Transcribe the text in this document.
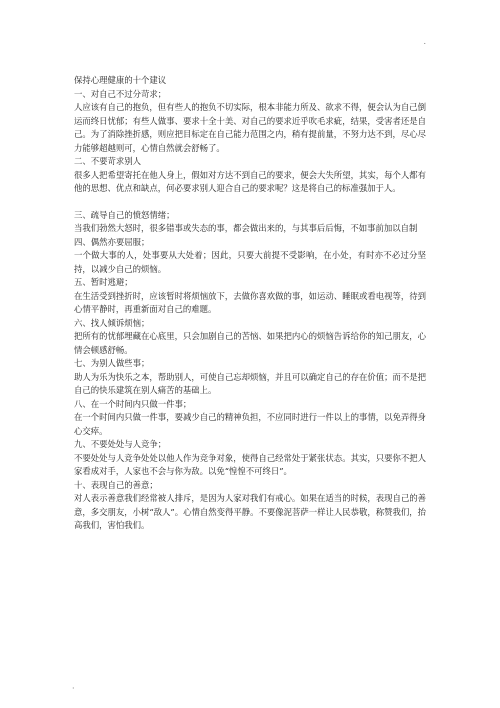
.

保持心理健康的十个建议

一、对自己不过分苛求；

人应该有自己的抱负，但有些人的抱负不切实际，根本非能力所及、欲求不得，便会认为自己倒运而终日忧郁；有些人做事、要求十全十美、对自己的要求近乎吹毛求疵，结果，受害者还是自己。为了消除挫折感，则应把目标定在自己能力范围之内，稍有提前量，不努力达不到，尽心尽力能够超越则可，心情自然就会舒畅了。

二、不要苛求别人

很多人把希望寄托在他人身上，假如对方达不到自己的要求，便会大失所望，其实，每个人都有他的思想、优点和缺点，何必要求别人迎合自己的要求呢？这是将自己的标准强加于人。

三、疏导自己的愤怒情绪；

当我们勃然大怒时，很多错事或失态的事，都会做出来的，与其事后后悔，不如事前加以自制

四、偶然亦要屈服；

一个做大事的人，处事要从大处着；因此，只要大前提不受影响，在小处，有时亦不必过分坚持，以减少自己的烦恼。

五、暂时逃避；

在生活受到挫折时，应该暂时将烦恼放下，去做你喜欢做的事，如运动、睡眠或看电视等，待到心情平静时，再重新面对自己的难题。

六、找人倾诉烦恼；

把所有的忧郁埋藏在心底里，只会加剧自己的苦恼、如果把内心的烦恼告诉给你的知己朋友，心情会顿感舒畅。

七、为别人做些事；

助人为乐为快乐之本，帮助别人，可使自己忘却烦恼，并且可以确定自己的存在价值；而不是把自己的快乐建筑在别人痛苦的基础上。

八、在一个时间内只做一件事；

在一个时间内只做一件事，要减少自己的精神负担，不应同时进行一件以上的事情，以免弄得身心交瘁。

九、不要处处与人竞争；

不要处处与人竞争处处以他人作为竞争对象，使得自己经常处于紧张状态。其实，只要你不把人家看成对手，人家也不会与你为敌。以免“惶惶不可终日”。

十、表现自己的善意；

对人表示善意我们经常被人排斥，是因为人家对我们有戒心。如果在适当的时候，表现自己的善意，多交朋友，小树“敌人”。心情自然变得平静。不要像泥菩萨一样让人民恭敬，称赞我们，抬高我们，害怕我们。

·
